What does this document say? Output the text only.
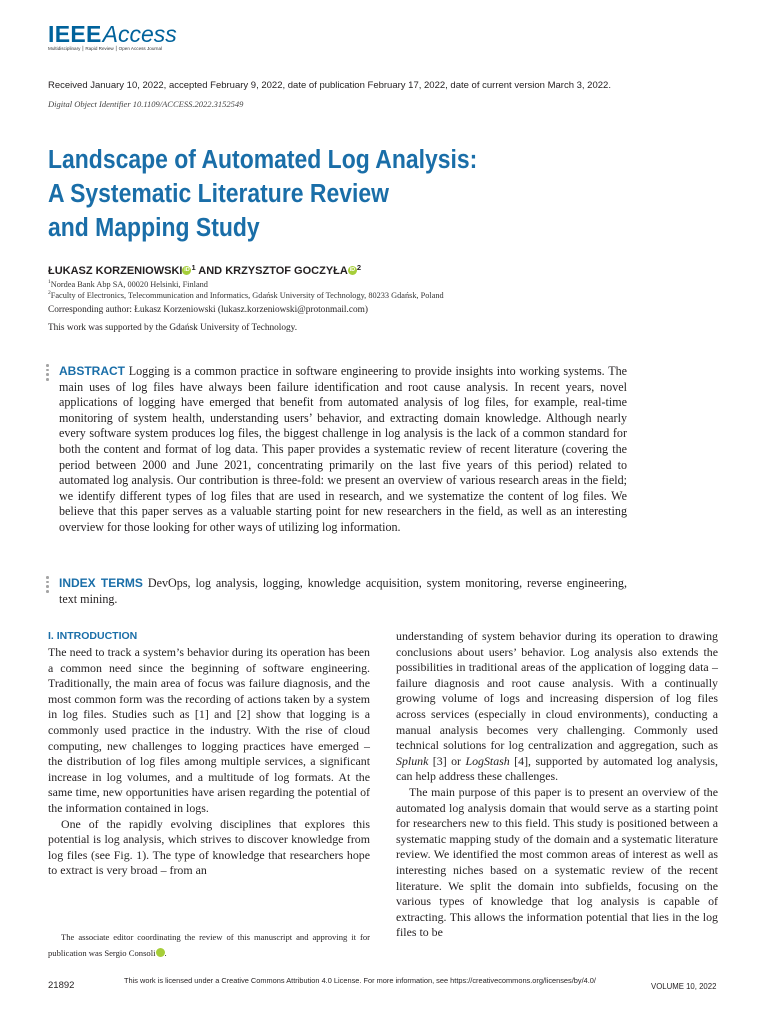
IEEEAccess
Multidisciplinary ⎮ Rapid Review ⎮ Open Access Journal
Received January 10, 2022, accepted February 9, 2022, date of publication February 17, 2022, date of current version March 3, 2022.
Digital Object Identifier 10.1109/ACCESS.2022.3152549
Landscape of Automated Log Analysis:
A Systematic Literature Review
and Mapping Study
ŁUKASZ KORZENIOWSKI iD $^1$ AND KRZYSZTOF GOCZYŁA iD $^2$
$^1$Nordea Bank Abp SA, 00020 Helsinki, Finland
$^2$Faculty of Electronics, Telecommunication and Informatics, Gdańsk University of Technology, 80233 Gdańsk, Poland
Corresponding author: Łukasz Korzeniowski (lukasz.korzeniowski@protonmail.com)
This work was supported by the Gdańsk University of Technology.
ABSTRACT Logging is a common practice in software engineering to provide insights into working systems. The main uses of log files have always been failure identification and root cause analysis. In recent years, novel applications of logging have emerged that benefit from automated analysis of log files, for example, real-time monitoring of system health, understanding users’ behavior, and extracting domain knowledge. Although nearly every software system produces log files, the biggest challenge in log analysis is the lack of a common standard for both the content and format of log data. This paper provides a systematic review of recent literature (covering the period between 2000 and June 2021, concentrating primarily on the last five years of this period) related to automated log analysis. Our contribution is three-fold: we present an overview of various research areas in the field; we identify different types of log files that are used in research, and we systematize the content of log files. We believe that this paper serves as a valuable starting point for new researchers in the field, as well as an interesting overview for those looking for other ways of utilizing log information.
INDEX TERMS DevOps, log analysis, logging, knowledge acquisition, system monitoring, reverse engineering, text mining.
I. INTRODUCTION

The need to track a system’s behavior during its operation has been a common need since the beginning of software engineering. Traditionally, the main area of focus was failure diagnosis, and the most common form was the recording of actions taken by a system in log files. Studies such as [1] and [2] show that logging is a commonly used practice in the industry. With the rise of cloud computing, new challenges to logging practices have emerged – the distribution of log files among multiple services, a significant increase in log volumes, and a multitude of log formats. At the same time, new opportunities have arisen regarding the potential of the information contained in logs.

One of the rapidly evolving disciplines that explores this potential is log analysis, which strives to discover knowledge from log files (see Fig. 1). The type of knowledge that researchers hope to extract is very broad – from an

The associate editor coordinating the review of this manuscript and approving it for publication was Sergio Consoli iD.

understanding of system behavior during its operation to drawing conclusions about users’ behavior. Log analysis also extends the possibilities in traditional areas of the application of logging data – failure diagnosis and root cause analysis. With a continually growing volume of logs and increasing dispersion of log files across services (especially in cloud environments), conducting a manual analysis becomes very challenging. Commonly used technical solutions for log centralization and aggregation, such as Splunk [3] or LogStash [4], supported by automated log analysis, can help address these challenges.

The main purpose of this paper is to present an overview of the automated log analysis domain that would serve as a starting point for researchers new to this field. This study is positioned between a systematic mapping study of the domain and a systematic literature review. We identified the most common areas of interest as well as interesting niches based on a systematic review of the recent literature. We split the domain into subfields, focusing on the various types of knowledge that log analysis is capable of extracting. This allows the information potential that lies in the log files to be

21892	This work is licensed under a Creative Commons Attribution 4.0 License. For more information, see https://creativecommons.org/licenses/by/4.0/
VOLUME 10, 2022
